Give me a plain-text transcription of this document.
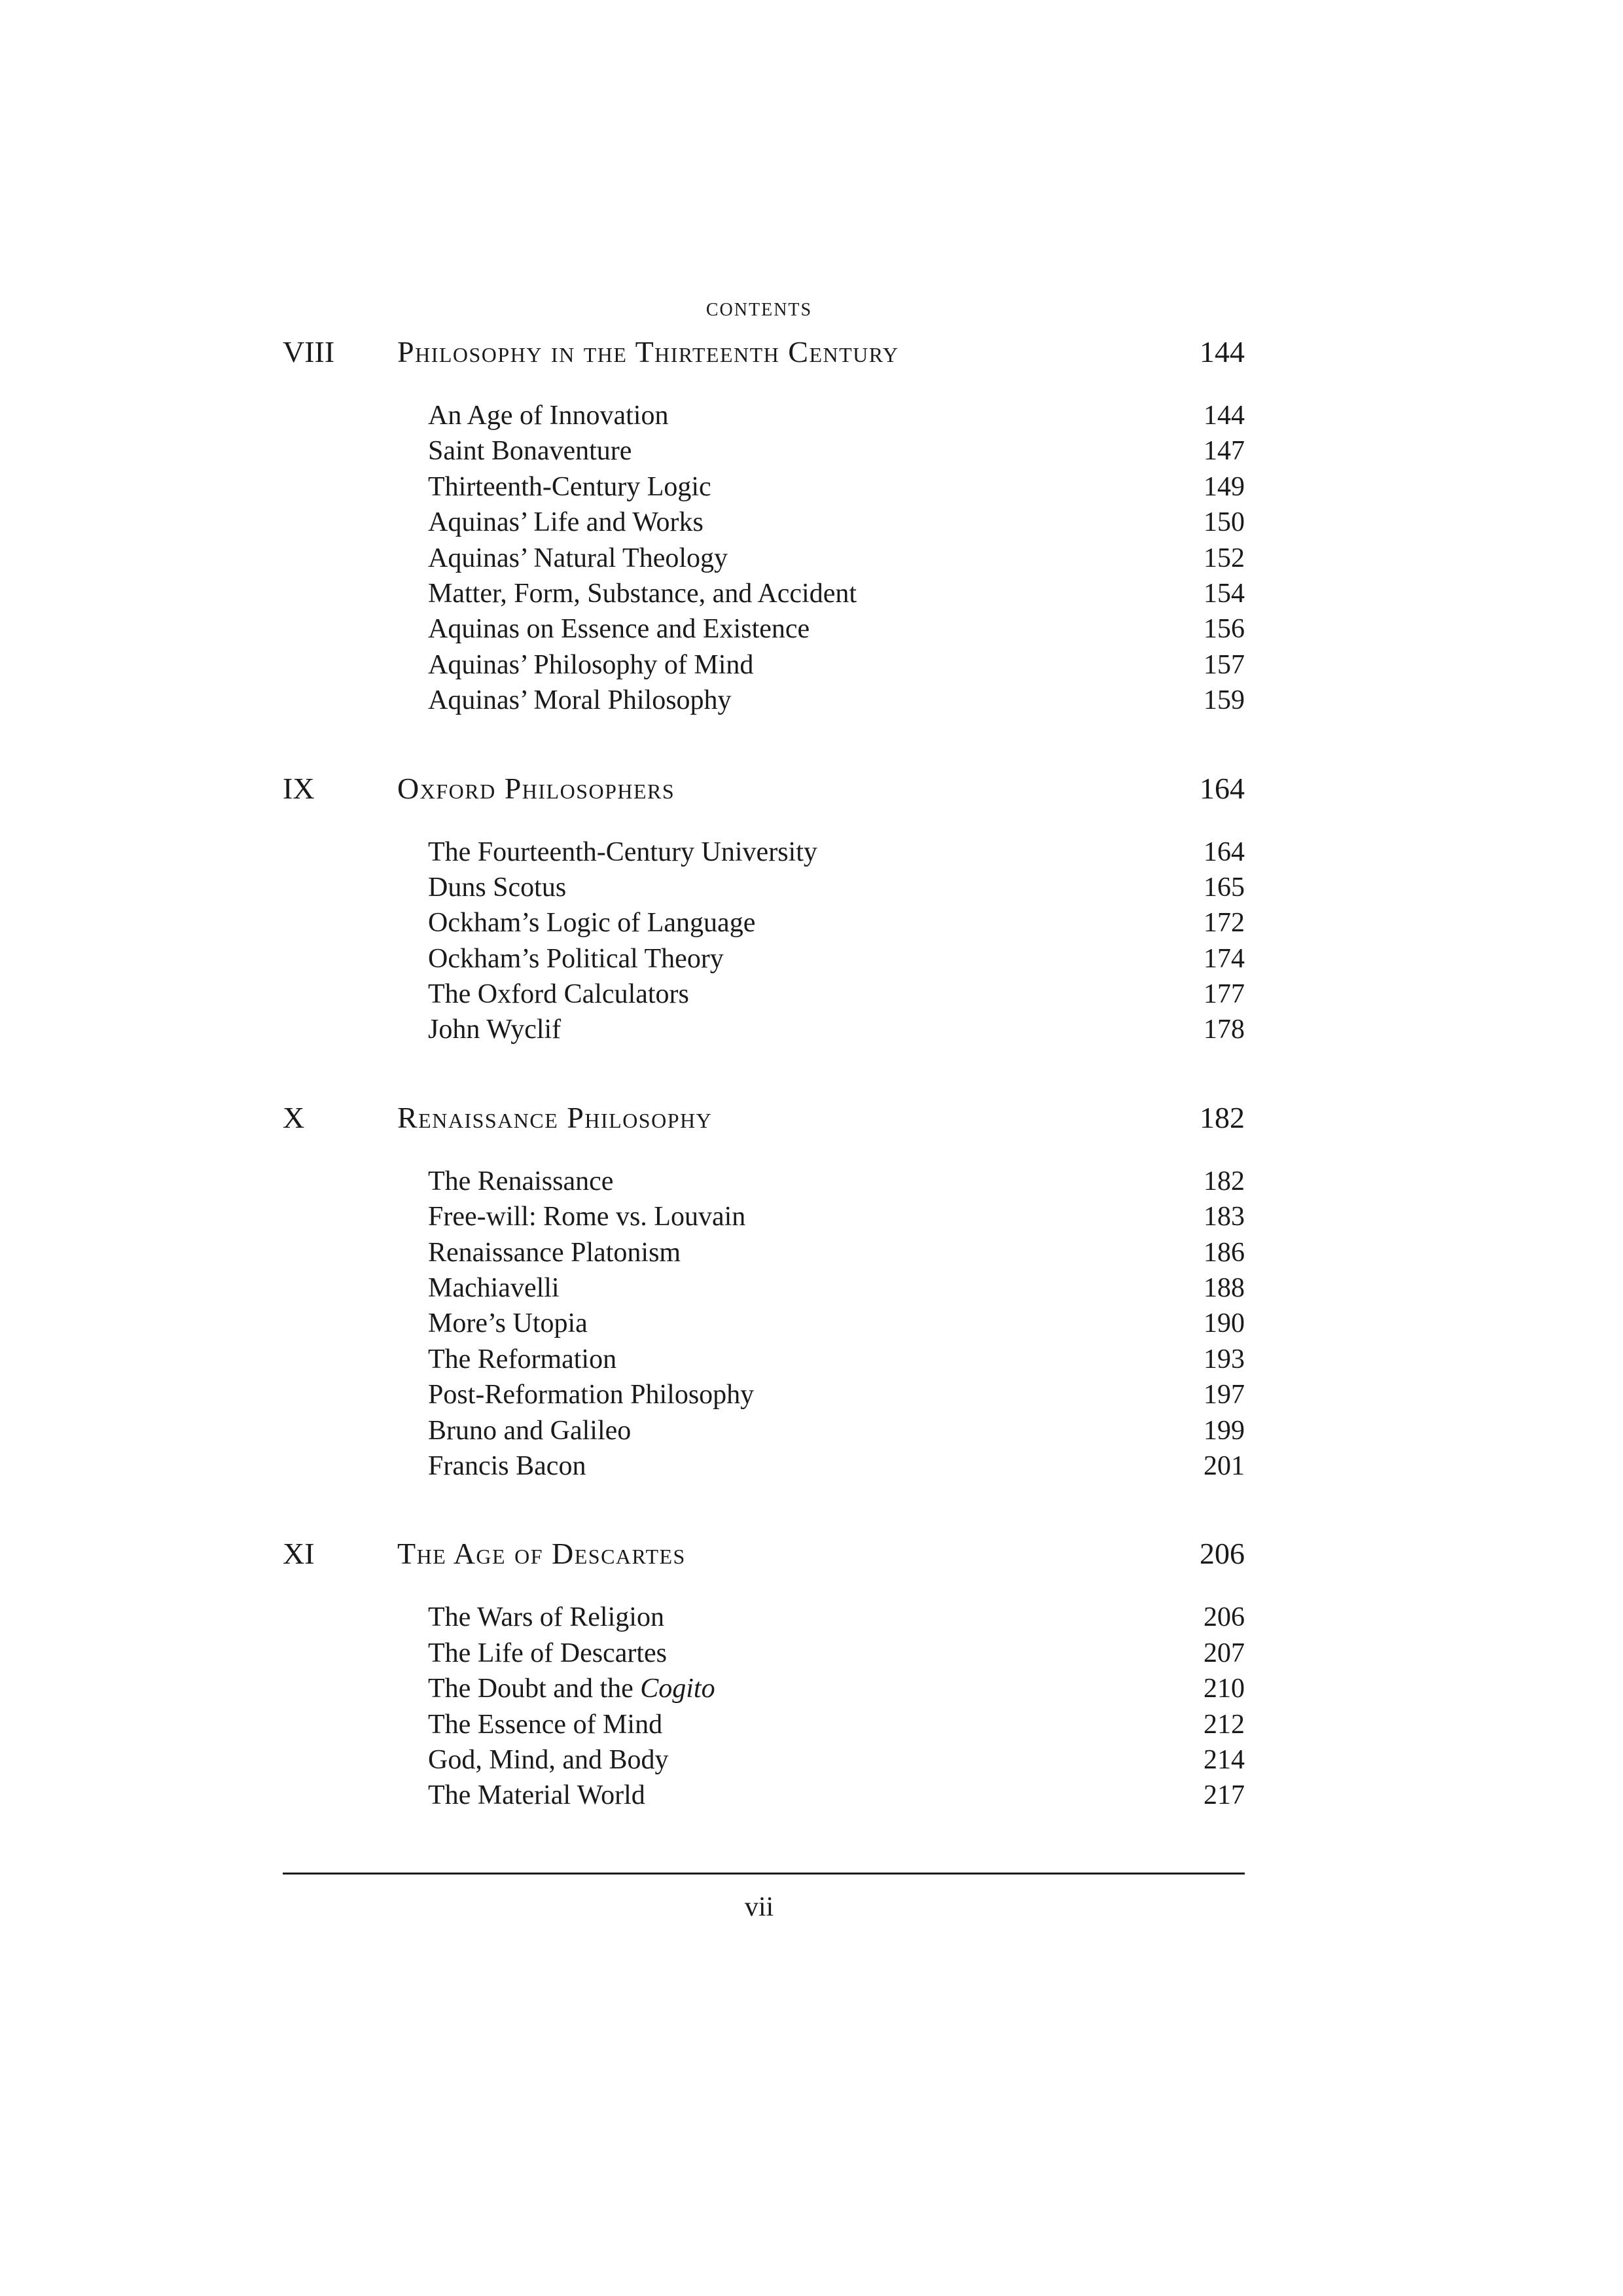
contents
VIII Philosophy in the Thirteenth Century	144
An Age of Innovation	144
Saint Bonaventure	147
Thirteenth-Century Logic	149
Aquinas’ Life and Works	150
Aquinas’ Natural Theology	152
Matter, Form, Substance, and Accident	154
Aquinas on Essence and Existence	156
Aquinas’ Philosophy of Mind	157
Aquinas’ Moral Philosophy	159
IX	Oxford Philosophers	164
The Fourteenth-Century University	164
Duns Scotus	165
Ockham’s Logic of Language	172
Ockham’s Political Theory	174
The Oxford Calculators	177
John Wyclif	178
X	Renaissance Philosophy	182
The Renaissance	182
Free-will: Rome vs. Louvain	183
Renaissance Platonism	186
Machiavelli	188
More’s Utopia	190
The Reformation	193
Post-Reformation Philosophy	197
Bruno and Galileo	199
Francis Bacon	201
XI	The Age of Descartes	206
The Wars of Religion	206
The Life of Descartes	207
The Doubt and the Cogito	210
The Essence of Mind	212
God, Mind, and Body	214
The Material World	217
vii
